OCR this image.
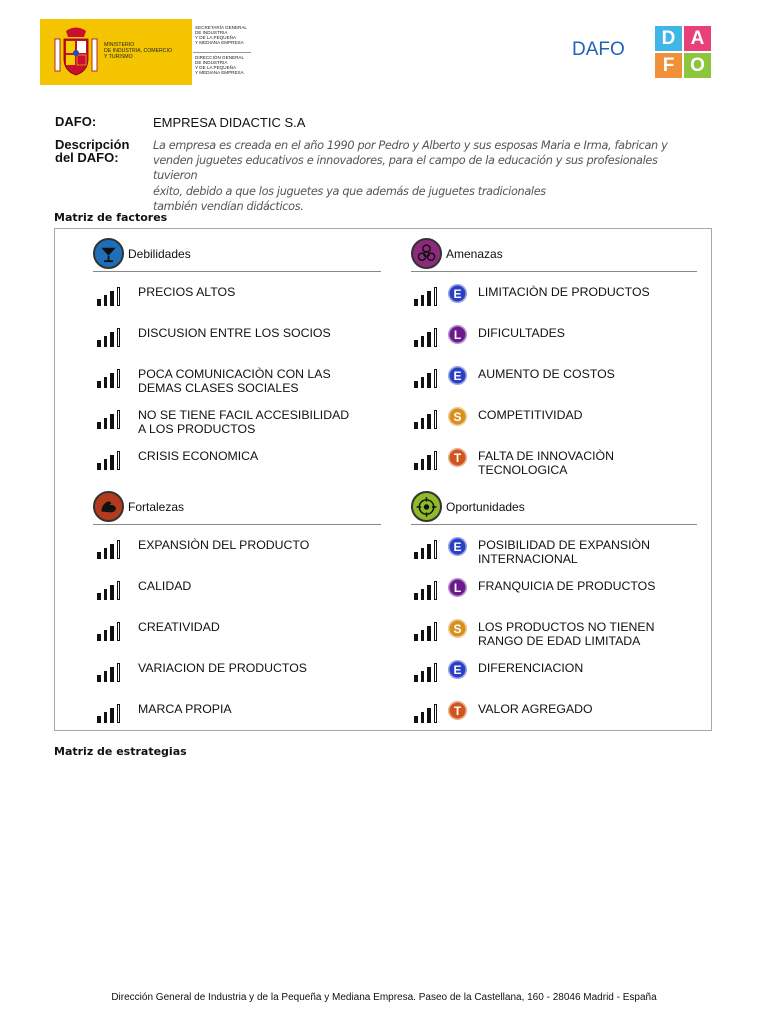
MINISTERIO
DE INDUSTRIA, COMERCIO
Y TURISMO
SECRETARÍA GENERAL
DE INDUSTRIA
Y DE LA PEQUEÑA
Y MEDIANA EMPRESA
DIRECCIÓN GENERAL
DE INDUSTRIA
Y DE LA PEQUEÑA
Y MEDIANA EMPRESA
DAFO
D A
F O
DAFO:	EMPRESA DIDACTIC S.A
Descripción
del DAFO:
La empresa es creada en el año 1990 por Pedro y Alberto y sus esposas Maria e Irma, fabrican y
venden juguetes educativos e innovadores, para el campo de la educación y sus profesionales tuvieron
éxito, debido a que los juguetes ya que además de juguetes tradicionales
también vendían didácticos.
Matriz de factores
Matriz de estrategias
Dirección General de Industria y de la Pequeña y Mediana Empresa. Paseo de la Castellana, 160 - 28046 Madrid - España
Debilidades
PRECIOS ALTOS
DISCUSION ENTRE LOS SOCIOS
POCA COMUNICACIÒN CON LAS
DEMAS CLASES SOCIALES
NO SE TIENE FACIL ACCESIBILIDAD
A LOS PRODUCTOS
CRISIS ECONOMICA
Amenazas
E	LIMITACIÒN DE PRODUCTOS
L	DIFICULTADES
E	AUMENTO DE COSTOS
S	COMPETITIVIDAD
T	FALTA DE INNOVACIÒN
TECNOLOGICA
Fortalezas
EXPANSIÒN DEL PRODUCTO
CALIDAD
CREATIVIDAD
VARIACION DE PRODUCTOS
MARCA PROPIA
Oportunidades
E	POSIBILIDAD DE EXPANSIÒN
INTERNACIONAL
L	FRANQUICIA DE PRODUCTOS
S	LOS PRODUCTOS NO TIENEN
RANGO DE EDAD LIMITADA
E	DIFERENCIACION
T	VALOR AGREGADO
